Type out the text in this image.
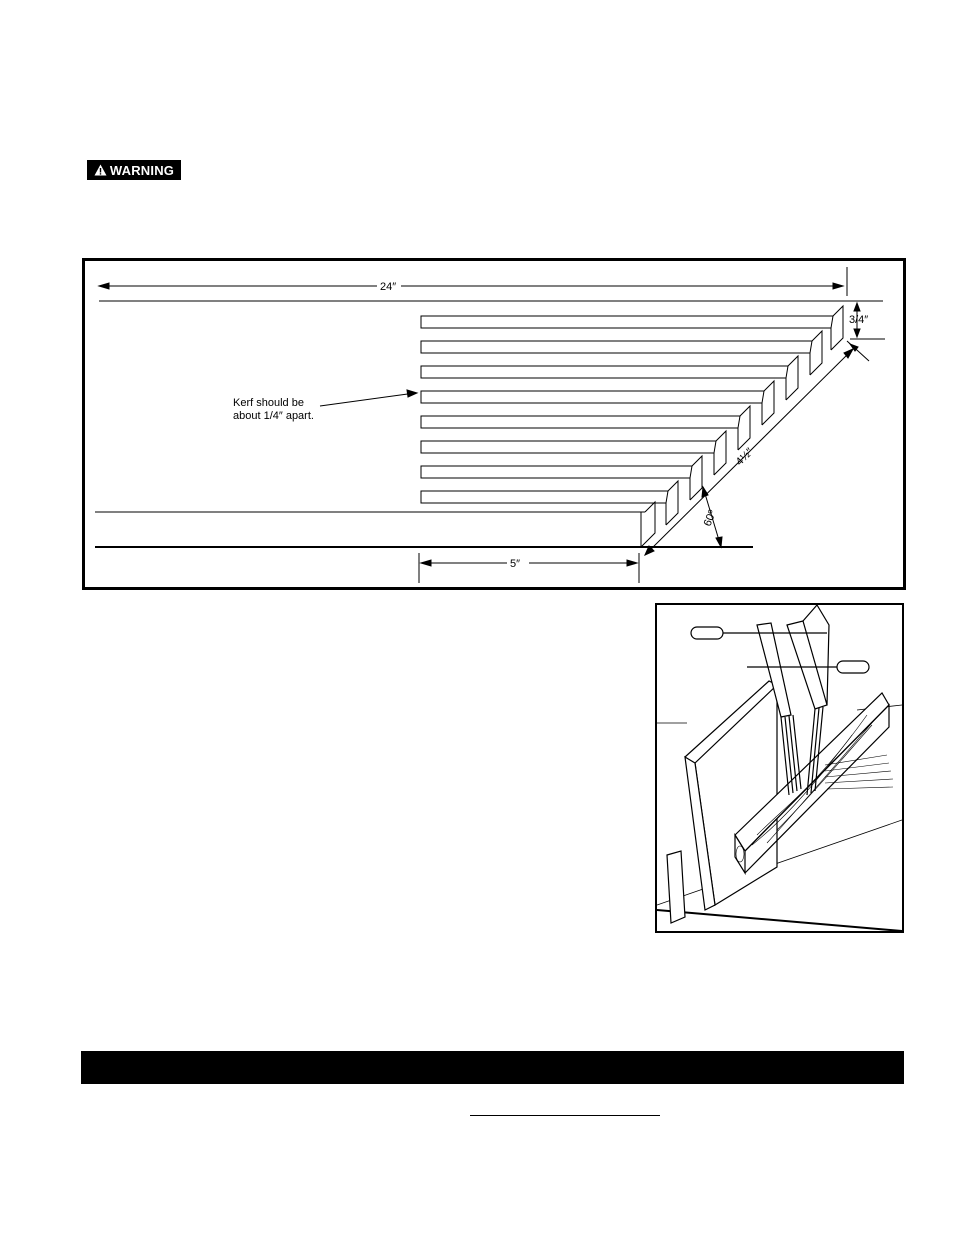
WARNING
24″
3/4″
4½″
60º
5″
Kerf should be
about 1/4″ apart.
